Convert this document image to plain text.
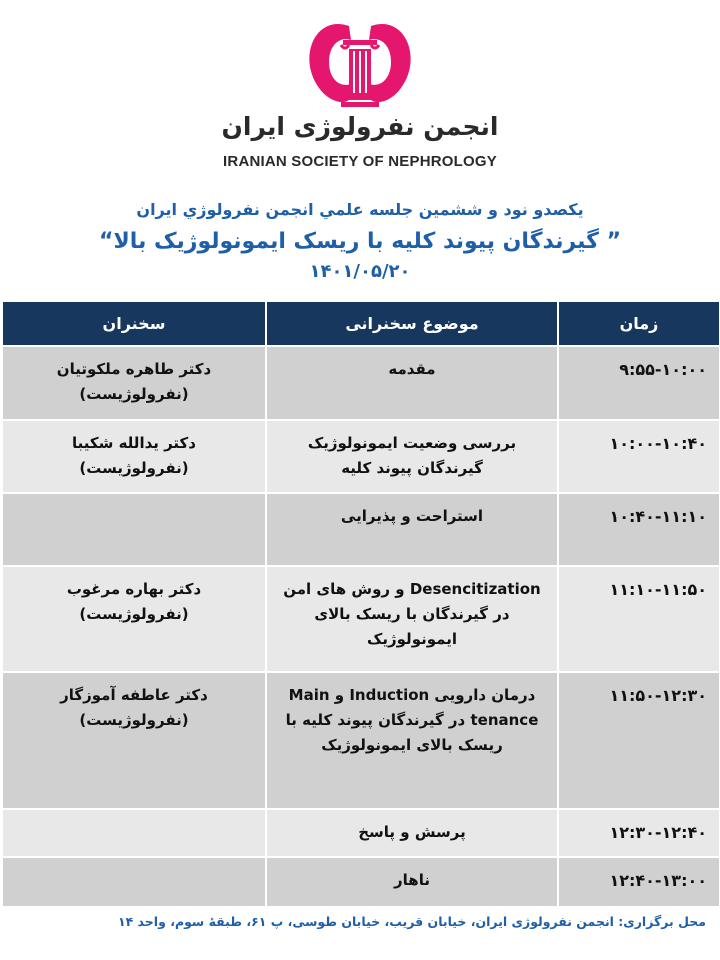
انجمن نفرولوژی ایران
IRANIAN SOCIETY OF NEPHROLOGY
يکصدو نود و ششمين جلسه علمي انجمن نفرولوژي ايران
” گیرندگان پیوند کلیه با ریسک ایمونولوژیک بالا“
۱۴۰۱/۰۵/۲۰
زمان	موضوع سخنرانی	سخنران

۹:۵۵-۱۰:۰۰	مقدمه	دکتر طاهره ملکوتیان (نفرولوژیست)

۱۰:۰۰-۱۰:۴۰	بررسی وضعیت ایمونولوژیک گیرندگان پیوند کلیه	دکتر یدالله شکیبا (نفرولوژیست)

۱۰:۴۰-۱۱:۱۰	استراحت و پذیرایی	

۱۱:۱۰-۱۱:۵۰	Desencitization و روش های امن در گیرندگان با ریسک بالای ایمونولوژیک	دکتر بهاره مرغوب (نفرولوژیست)

۱۱:۵۰-۱۲:۳۰	درمان دارویی Induction و Main tenance در گیرندگان پیوند کلیه با ریسک بالای ایمونولوژیک	دکتر عاطفه آموزگار (نفرولوژیست)

۱۲:۳۰-۱۲:۴۰	پرسش و پاسخ	

۱۲:۴۰-۱۳:۰۰	ناهار	

محل برگزاری: انجمن نفرولوژی ایران، خیابان قریب، خیابان طوسی، پ ۶۱، طبقۀ سوم، واحد ۱۴
